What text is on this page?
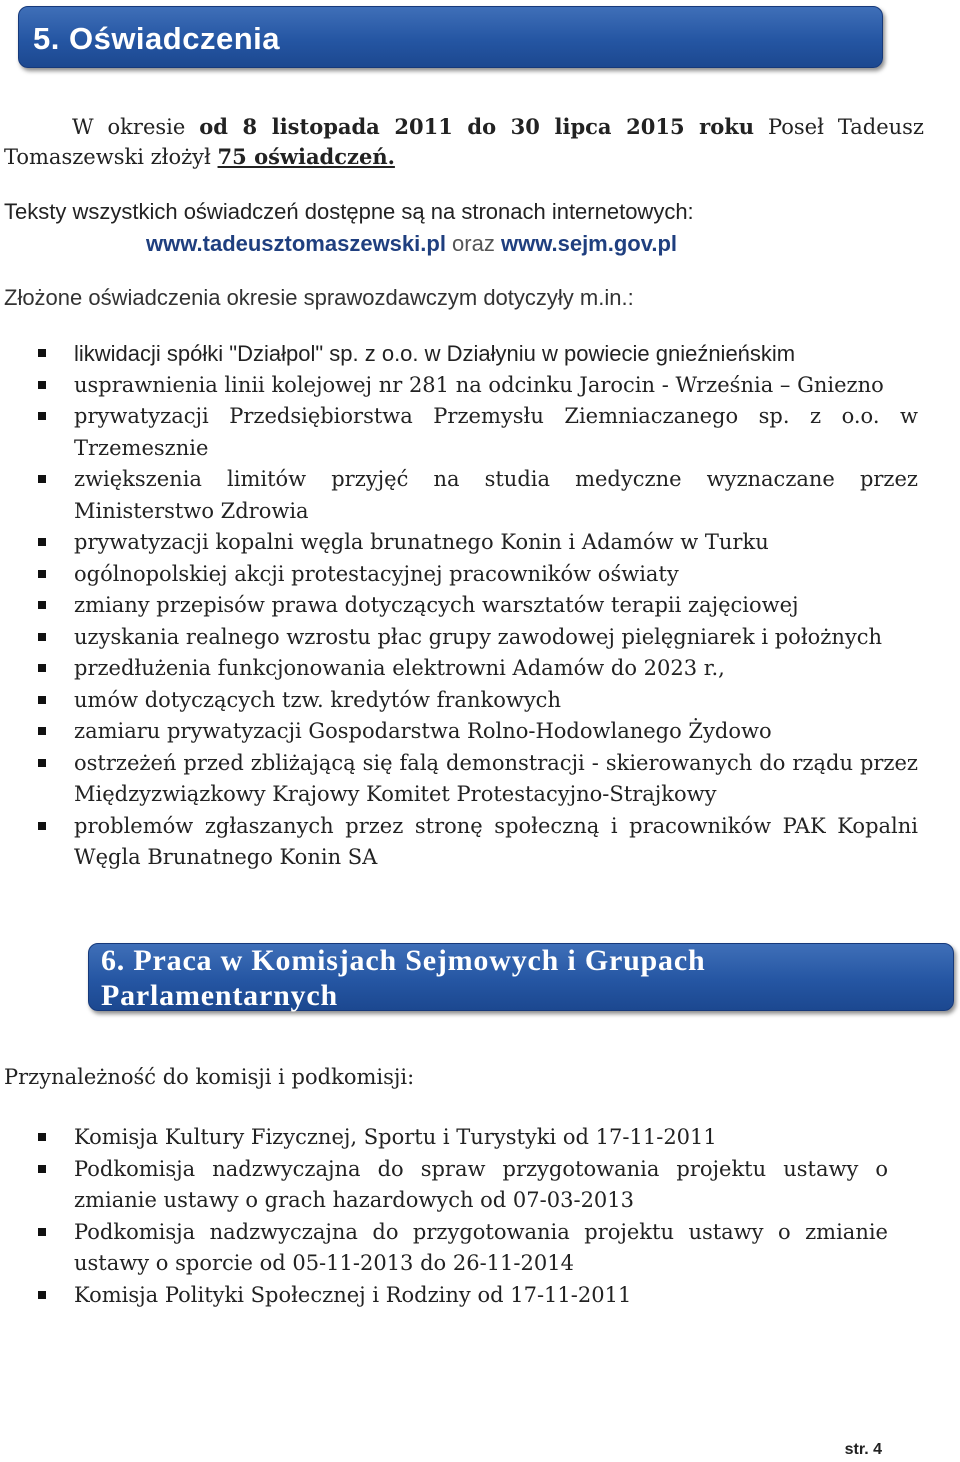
5. Oświadczenia
W okresie od 8 listopada 2011 do 30 lipca 2015 roku Poseł Tadeusz Tomaszewski złożył 75 oświadczeń.
Teksty wszystkich oświadczeń dostępne są na stronach internetowych:
www.tadeusztomaszewski.pl oraz www.sejm.gov.pl
Złożone oświadczenia okresie sprawozdawczym dotyczyły m.in.:
likwidacji spółki "Działpol" sp. z o.o. w Działyniu w powiecie gnieźnieńskim
usprawnienia linii kolejowej nr 281 na odcinku Jarocin - Września – Gniezno
prywatyzacji Przedsiębiorstwa Przemysłu Ziemniaczanego sp. z o.o. w Trzemesznie
zwiększenia limitów przyjęć na studia medyczne wyznaczane przez Ministerstwo Zdrowia
prywatyzacji kopalni węgla brunatnego Konin i Adamów w Turku
ogólnopolskiej akcji protestacyjnej pracowników oświaty
zmiany przepisów prawa dotyczących warsztatów terapii zajęciowej
uzyskania realnego wzrostu płac grupy zawodowej pielęgniarek i położnych
przedłużenia funkcjonowania elektrowni Adamów do 2023 r.,
umów dotyczących tzw. kredytów frankowych
zamiaru prywatyzacji Gospodarstwa Rolno-Hodowlanego Żydowo
ostrzeżeń przed zbliżającą się falą demonstracji - skierowanych do rządu przez Międzyzwiązkowy Krajowy Komitet Protestacyjno-Strajkowy
problemów zgłaszanych przez stronę społeczną i pracowników PAK Kopalni Węgla Brunatnego Konin SA
6. Praca w Komisjach Sejmowych i Grupach
Parlamentarnych
Przynależność do komisji i podkomisji:
Komisja Kultury Fizycznej, Sportu i Turystyki od 17-11-2011
Podkomisja nadzwyczajna do spraw przygotowania projektu ustawy o zmianie ustawy o grach hazardowych od 07-03-2013
Podkomisja nadzwyczajna do przygotowania projektu ustawy o zmianie ustawy o sporcie od 05-11-2013 do 26-11-2014
Komisja Polityki Społecznej i Rodziny od 17-11-2011
str. 4
